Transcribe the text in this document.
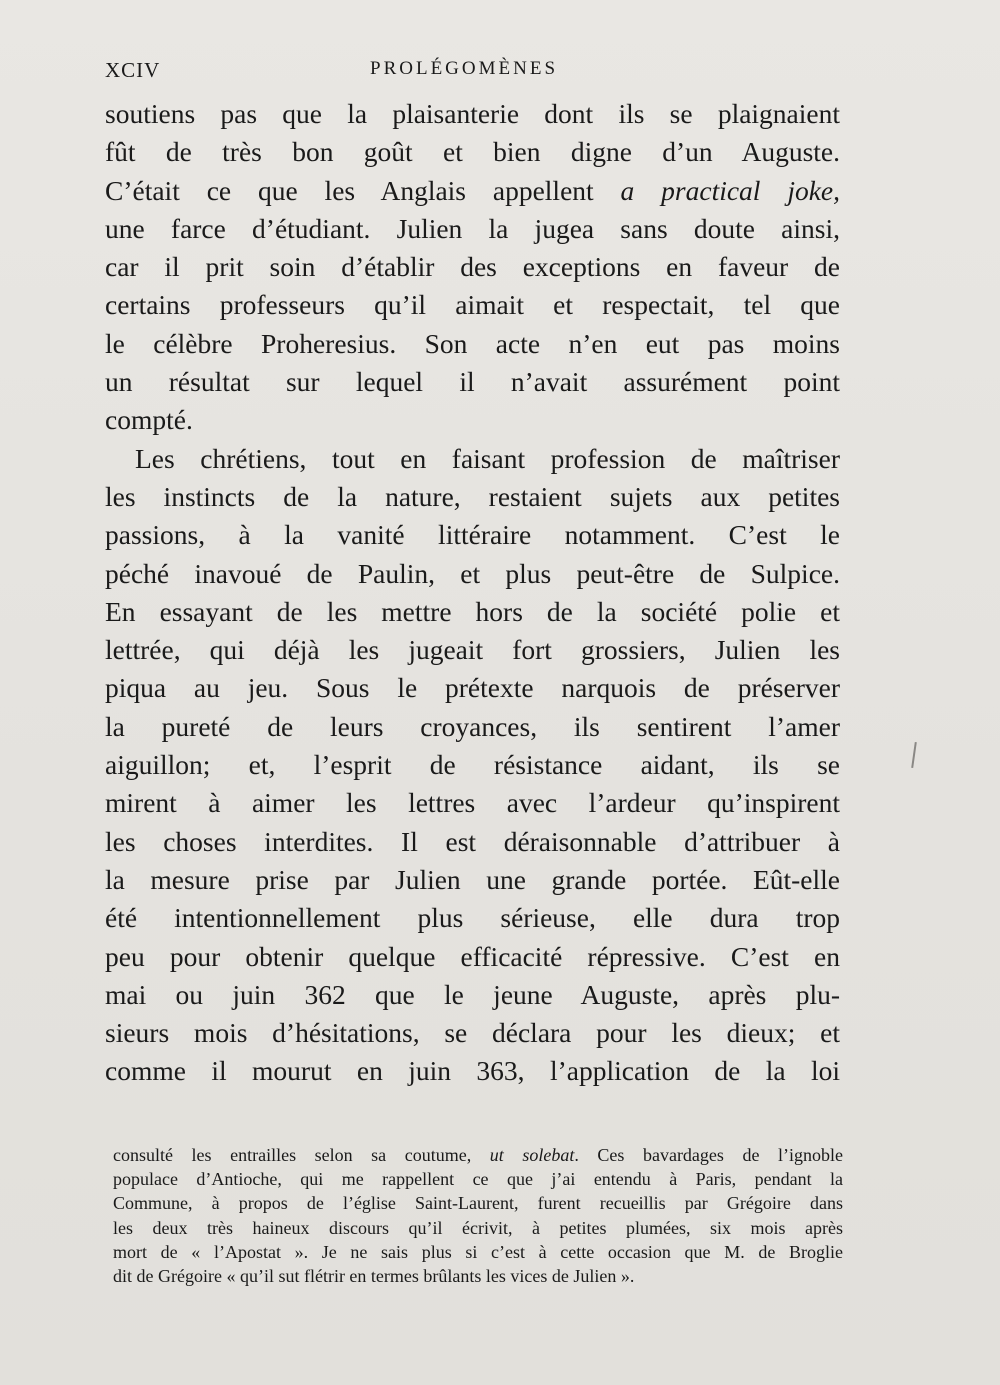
XCIV	PROLÉGOMÈNES
soutiens pas que la plaisanterie dont ils se plaignaient
fût de très bon goût et bien digne d’un Auguste.
C’était ce que les Anglais appellent a practical joke,
une farce d’étudiant. Julien la jugea sans doute ainsi,
car il prit soin d’établir des exceptions en faveur de
certains professeurs qu’il aimait et respectait, tel que
le célèbre Proheresius. Son acte n’en eut pas moins
un résultat sur lequel il n’avait assurément point
compté.
Les chrétiens, tout en faisant profession de maîtriser
les instincts de la nature, restaient sujets aux petites
passions, à la vanité littéraire notamment. C’est le
péché inavoué de Paulin, et plus peut-être de Sulpice.
En essayant de les mettre hors de la société polie et
lettrée, qui déjà les jugeait fort grossiers, Julien les
piqua au jeu. Sous le prétexte narquois de préserver
la pureté de leurs croyances, ils sentirent l’amer
aiguillon; et, l’esprit de résistance aidant, ils se
mirent à aimer les lettres avec l’ardeur qu’inspirent
les choses interdites. Il est déraisonnable d’attribuer à
la mesure prise par Julien une grande portée. Eût-elle
été intentionnellement plus sérieuse, elle dura trop
peu pour obtenir quelque efficacité répressive. C’est en
mai ou juin 362 que le jeune Auguste, après plu-
sieurs mois d’hésitations, se déclara pour les dieux; et
comme il mourut en juin 363, l’application de la loi
consulté les entrailles selon sa coutume, ut solebat. Ces bavardages de l’ignoble
populace d’Antioche, qui me rappellent ce que j’ai entendu à Paris, pendant la
Commune, à propos de l’église Saint-Laurent, furent recueillis par Grégoire dans
les deux très haineux discours qu’il écrivit, à petites plumées, six mois après
mort de « l’Apostat ». Je ne sais plus si c’est à cette occasion que M. de Broglie
dit de Grégoire « qu’il sut flétrir en termes brûlants les vices de Julien ».
